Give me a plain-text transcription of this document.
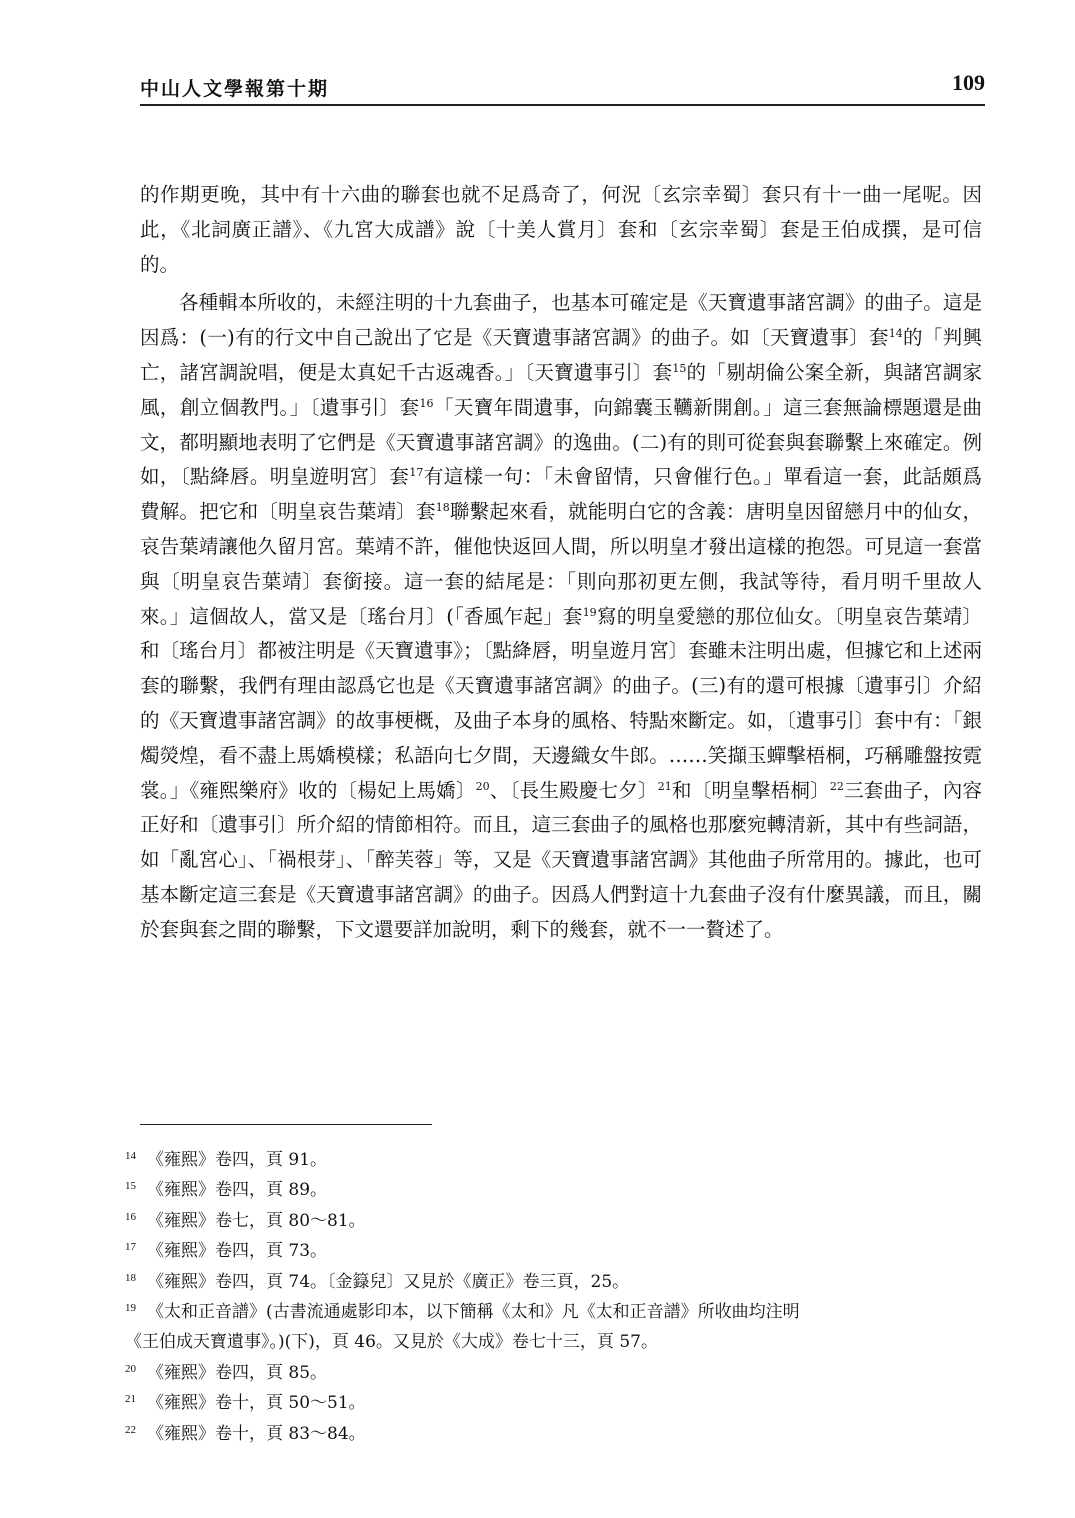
中山人文學報第十期	109

的作期更晚，其中有十六曲的聯套也就不足爲奇了，何況〔玄宗幸蜀〕套只有十一曲一尾呢。因此，《北詞廣正譜》、《九宮大成譜》說〔十美人賞月〕套和〔玄宗幸蜀〕套是王伯成撰，是可信的。

各種輯本所收的，未經注明的十九套曲子，也基本可確定是《天寶遺事諸宮調》的曲子。這是因爲：(一)有的行文中自己說出了它是《天寶遺事諸宮調》的曲子。如〔天寶遺事〕套$^{14}$的「判興亡，諸宮調說唱，便是太真妃千古返魂香。」〔天寶遺事引〕套$^{15}$的「剔胡倫公案全新，與諸宮調家風，創立個教門。」〔遺事引〕套$^{16}$「天寶年間遺事，向錦囊玉韉新開創。」這三套無論標題還是曲文，都明顯地表明了它們是《天寶遺事諸宮調》的逸曲。(二)有的則可從套與套聯繫上來確定。例如，〔點絳唇。明皇遊明宮〕套$^{17}$有這樣一句：「未會留情，只會催行色。」單看這一套，此話頗爲費解。把它和〔明皇哀告葉靖〕套$^{18}$聯繫起來看，就能明白它的含義：唐明皇因留戀月中的仙女，哀告葉靖讓他久留月宮。葉靖不許，催他快返回人間，所以明皇才發出這樣的抱怨。可見這一套當與〔明皇哀告葉靖〕套銜接。這一套的結尾是：「則向那初更左側，我試等待，看月明千里故人來。」這個故人，當又是〔瑤台月〕(「香風乍起」套$^{19}$寫的明皇愛戀的那位仙女。〔明皇哀告葉靖〕和〔瑤台月〕都被注明是《天寶遺事》；〔點絳唇，明皇遊月宮〕套雖未注明出處，但據它和上述兩套的聯繫，我們有理由認爲它也是《天寶遺事諸宮調》的曲子。(三)有的還可根據〔遺事引〕介紹的《天寶遺事諸宮調》的故事梗概，及曲子本身的風格、特點來斷定。如，〔遺事引〕套中有：「銀燭熒煌，看不盡上馬嬌模樣；私語向七夕間，天邊織女牛郎。……笑擷玉蟬擊梧桐，巧稱雕盤按霓裳。」《雍熙樂府》收的〔楊妃上馬嬌〕$^{20}$、〔長生殿慶七夕〕$^{21}$和〔明皇擊梧桐〕$^{22}$三套曲子，內容正好和〔遺事引〕所介紹的情節相符。而且，這三套曲子的風格也那麼宛轉清新，其中有些詞語，如「亂宮心」、「禍根芽」、「醉芙蓉」等，又是《天寶遺事諸宮調》其他曲子所常用的。據此，也可基本斷定這三套是《天寶遺事諸宮調》的曲子。因爲人們對這十九套曲子沒有什麼異議，而且，關於套與套之間的聯繫，下文還要詳加說明，剩下的幾套，就不一一贅述了。

14 《雍熙》卷四，頁 91。
15 《雍熙》卷四，頁 89。
16 《雍熙》卷七，頁 80～81。
17 《雍熙》卷四，頁 73。
18 《雍熙》卷四，頁 74。〔金籙兒〕又見於《廣正》卷三頁，25。
19 《太和正音譜》(古書流通處影印本，以下簡稱《太和》凡《太和正音譜》所收曲均注明
《王伯成天寶遺事》。)(下)，頁 46。又見於《大成》卷七十三，頁 57。
20 《雍熙》卷四，頁 85。
21 《雍熙》卷十，頁 50～51。
22 《雍熙》卷十，頁 83～84。
